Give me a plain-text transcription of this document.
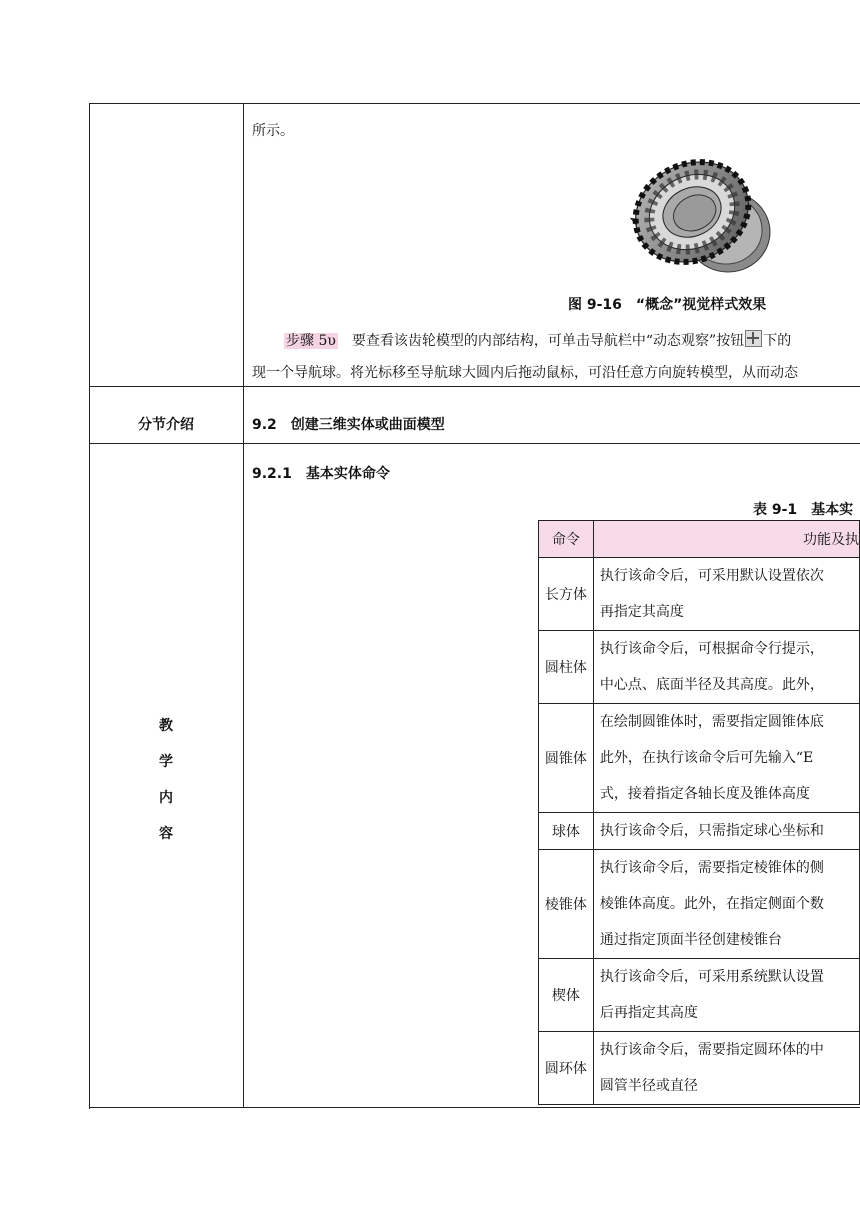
所示。
图 9-16　“概念”视觉样式效果
步骤 5υ　要查看该齿轮模型的内部结构，可单击导航栏中“动态观察”按钮 下的
现一个导航球。将光标移至导航球大圆内后拖动鼠标，可沿任意方向旋转模型，从而动态
分节介绍	9.2　创建三维实体或曲面模型
教
学
内
容
9.2.1　基本实体命令
表 9-1　基本实
命令	功能及执
长方体	执行该命令后，可采用默认设置依次
再指定其高度

圆柱体	执行该命令后，可根据命令行提示，
中心点、底面半径及其高度。此外，

圆锥体	在绘制圆锥体时，需要指定圆锥体底
此外，在执行该命令后可先输入“E
式，接着指定各轴长度及锥体高度

球体	执行该命令后，只需指定球心坐标和

棱锥体	执行该命令后，需要指定棱锥体的侧
棱锥体高度。此外，在指定侧面个数
通过指定顶面半径创建棱锥台

楔体	执行该命令后，可采用系统默认设置
后再指定其高度

圆环体	执行该命令后，需要指定圆环体的中
圆管半径或直径
